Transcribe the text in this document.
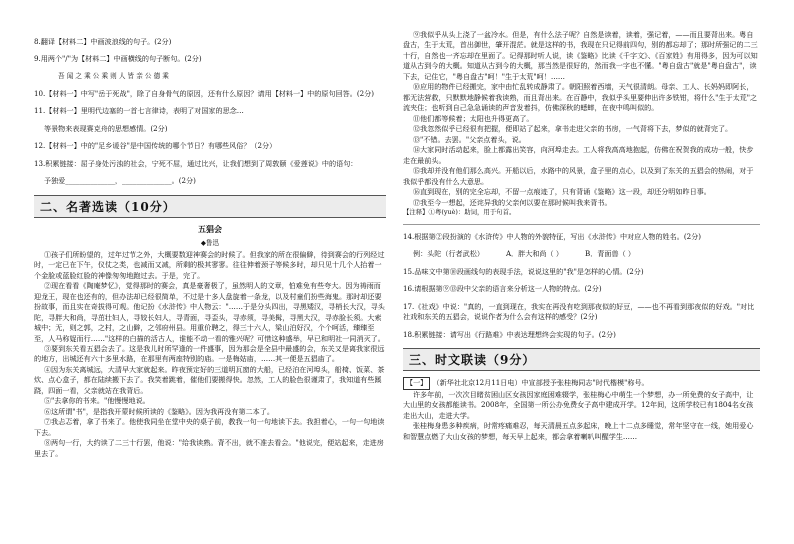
8.翻译【材料二】中画波浪线的句子。(2分)

9.用两个"/"为【材料二】中画横线的句子断句。(2分)

吾 闻 之 乘 公 乘 则 人 皆 亲 公 德 乘

10.【材料一】中写"岳于死战"，除了自身骨气的原因，还有什么原因？请用【材料一】中的原句回答。(2分)

11.【材料一】里明代边塞的一首七言律诗，表明了对国家的思念…

等景物来表现赛克舟的思想感情。(2分)

12.【材料一】中的"足乡谖谷"是中国传统的哪个节日？有哪些风俗？（2分）

13.积累链接：屈子身处污浊的社会，宁死不屈，通过比兴，让我们想到了周敦颐《爱莲说》中的语句：

予独爱______________，______________。(2分)

二、名著选读（10分）
五猖会
◆鲁迅

①孩子们所盼望的，过年过节之外，大概要数迎神赛会的时候了。但我家的所在很偏僻，待到赛会的行列经过时，一定已在下午，仪仗之类，也减而又减，所剩的极其寥寥。往往伸着颈子等候多时，却只见十几个人抬着一个金脸或蓝脸红脸的神像匆匆地跑过去。于是，完了。

②现在看看《陶庵梦忆》，觉得那时的赛会，真是豪奢极了，虽然明人的文章，怕难免有些夸大。因为祷雨而迎龙王，现在也还有的，但办法却已经很简单，不过是十多人盘旋着一条龙，以及村童们扮些海鬼。那时却还要扮故事，而且实在奇拔得可观。他记扮《水浒传》中人物云："……于是分头四出，寻黑矮汉，寻梢长大汉，寻头陀，寻胖大和尚，寻茁壮妇人，寻姣长妇人，寻青面，寻歪头，寻赤须，寻美髯，寻黑大汉，寻赤脸长须。大索城中；无，则之郭，之村，之山僻，之邻府州县。用重价聘之，得三十六人，梁山泊好汉，个个呵活，臻臻至至，人马称娖而行……"这样的白描的活古人，谁能不动一看的雅兴呢？可惜这种盛举，早已和明社一同消灭了。

③要到东关看五猖会去了。这是我儿时所罕逢的一件盛事，因为那会是全县中最盛的会，东关又是离我家很远的地方，出城还有六十多里水路，在那里有两座特别的庙。一是梅姑庙，……其一便是五猖庙了。

④因为东关离城远，大清早大家就起来。昨夜预定好的三道明瓦窗的大船，已经泊在河埠头，船椅、饭菜、茶炊、点心盒子，都在陆续搬下去了。我笑着跳着，催他们要搬得快。忽然，工人的脸色很谨肃了，我知道有些蹊跷，四面一看，父亲就站在我背后。

⑤"去拿你的书来。"他慢慢地说。

⑥这所谓"书"，是指我开蒙时候所读的《鉴略》。因为我再没有第二本了。

⑦我忐忑着，拿了书来了。他使我同坐在堂中央的桌子前，教我一句一句地读下去。我担着心，一句一句地读下去。

⑧两句一行，大约读了二三十行罢，他说："给我读熟。背不出，就不准去看会。"他说完，便站起来，走进房里去了。

⑨我似乎从头上浇了一盆冷水。但是，有什么法子呢？自然是读着，读着，强记着，——而且要背出来。粤自盘古，生于太荒，首出御世，肇开混茫。就是这样的书，我现在只记得前四句，别的都忘却了；那时所强记的二三十行，自然也一齐忘却在里面了。记得那时听人说，读《鉴略》比读《千字文》、《百家姓》有用得多，因为可以知道从古到今的大概。知道从古到今的大概，那当然是很好的，然而我一字也不懂。"粤自盘古"就是"粤自盘古"，读下去，记住它，"粤自盘古"呵！"生于太荒"呵！……

⑩应用的物件已经搬完，家中由忙乱转成静肃了。朝阳照着西墙，天气很清朗。母亲、工人、长妈妈即阿长，都无法营救，只默默地静候着我读熟，而且背出来。在百静中，我似乎头里要伸出许多铁钳，将什么"生于太荒"之流夹住；也听到自己急急诵读的声音发着抖，仿佛深秋的蟋蟀，在夜中鸣叫似的。

⑪他们都等候着；太阳也升得更高了。

⑫我忽然似乎已经很有把握，便即站了起来，拿书走进父亲的书房，一气背将下去，梦似的就背完了。

⑬"不错。去罢。"父亲点着头，说。

⑭大家同时活动起来，脸上都露出笑容，向河埠走去。工人将我高高地抱起，仿佛在祝贺我的成功一般，快步走在最前头。

⑮我却并没有他们那么高兴。开船以后，水路中的风景，盒子里的点心，以及到了东关的五猖会的热闹，对于我似乎都没有什么大意思。

⑯直到现在，别的完全忘却，不留一点痕迹了，只有背诵《鉴略》这一段，却还分明如昨日事。

⑰我至今一想起，还诧异我的父亲何以要在那时候叫我来背书。

【注释】①粤(yuè)：助词，用于句首。

14.根据第②段扮演的《水浒传》中人物的外貌特征，写出《水浒传》中对应人物的姓名。(2分)

例：头陀（行者武松）	A．胖大和尚（ ）	B．青面兽（ ）

15.品味文中第⑩段画线句的表现手法，说说这里的"我"是怎样的心情。(2分)

16.请根据第⑨⑬段中父亲的语言来分析这一人物的特点。(2分)

17.《社戏》中说："真的，一直到现在，我实在再没有吃到那夜似的好豆，——也不再看到那夜似的好戏。"对比社戏和东关的五猖会，说说作者为什么会有这样的感受？(2分)

18.积累链接：请写出《行路难》中表达理想终会实现的句子。(2分)

三、时文联读（9分）

【一】 （新华社北京12月11日电）中宣部授予张桂梅同志"时代楷模"称号。

许多年前，一次次目睹贫困山区女孩因家庭困难辍学，张桂梅心中萌生一个梦想，办一所免费的女子高中，让大山里的女孩都能读书。2008年，全国第一所公办免费女子高中建成开学。12年间，这所学校已有1804名女孩走出大山，走进大学。

张桂梅身患多种疾病，时常疼痛难忍，每天清晨五点多起床，晚上十二点多睡觉，常年坚守在一线，她用爱心和智慧点燃了大山女孩的梦想，每天早上起来，都会拿着喇叭叫醒学生……
